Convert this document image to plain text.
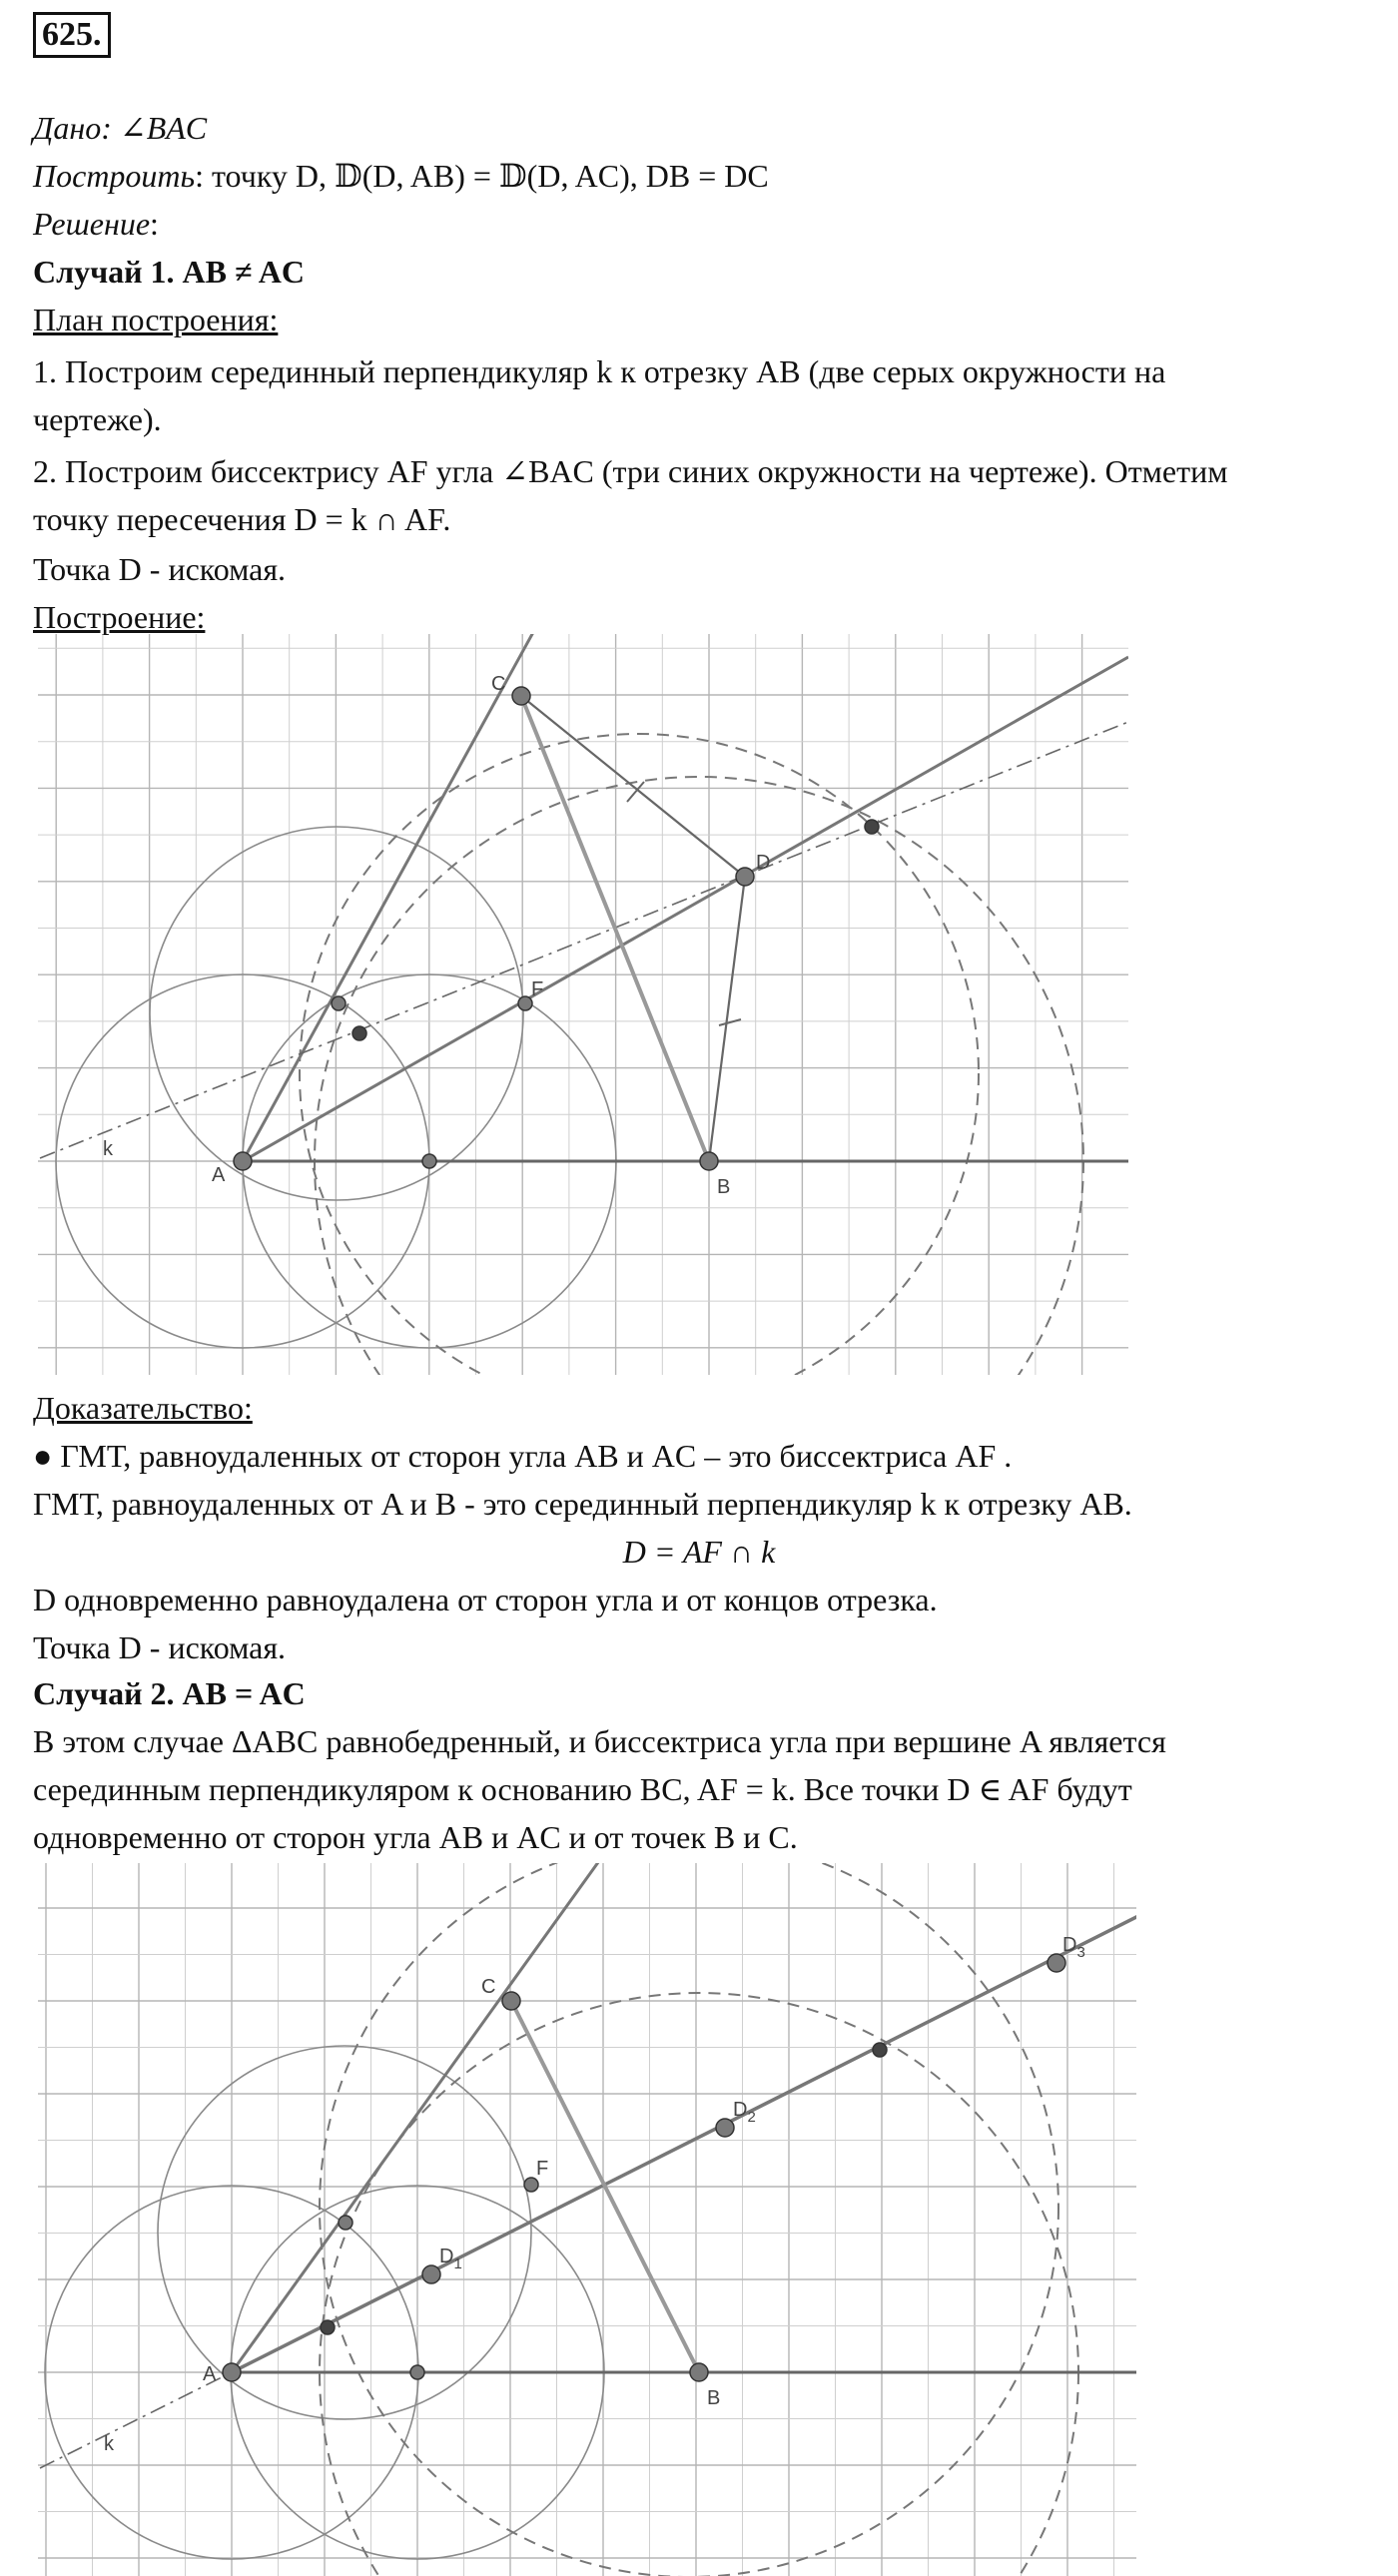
625.
Дано: ∠BAC
Построить: точку D, 𝔻(D, AB) = 𝔻(D, AC), DB = DC
Решение:
Случай 1. AB ≠ AC
План построения:
1. Построим серединный перпендикуляр k к отрезку AB (две серых окружности на
чертеже).
2. Построим биссектрису AF угла ∠BAC (три синих окружности на чертеже). Отметим
точку пересечения D = k ∩ AF.
Точка D - искомая.
Построение:
A
B
C
D
F
k
Доказательство:
● ГМТ, равноудаленных от сторон угла AB и AC – это биссектриса AF .
ГМТ, равноудаленных от A и B - это серединный перпендикуляр k к отрезку AB.
D = AF ∩ k
D одновременно равноудалена от сторон угла и от концов отрезка.
Точка D - искомая.
Случай 2. AB = AC
В этом случае ΔABC равнобедренный, и биссектриса угла при вершине A является
серединным перпендикуляром к основанию BC, AF = k. Все точки D ∈ AF будут
одновременно от сторон угла AB и AC и от точек B и C.
A
B
C
F
k
$D_1$
$D_2$
$D_3$
